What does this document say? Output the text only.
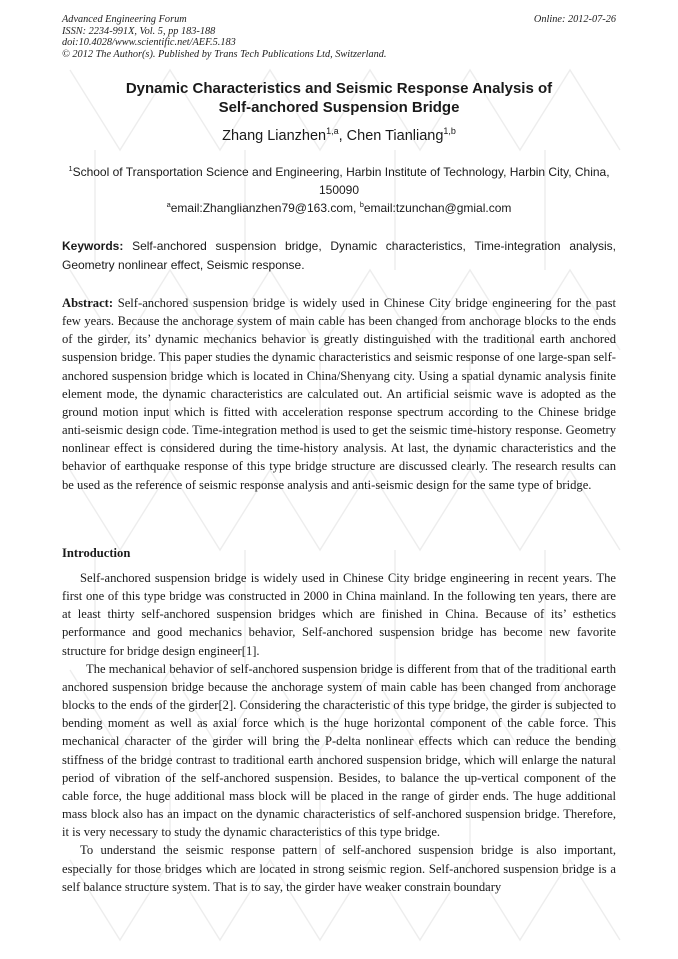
Advanced Engineering Forum
ISSN: 2234-991X, Vol. 5, pp 183-188
doi:10.4028/www.scientific.net/AEF.5.183
© 2012 The Author(s). Published by Trans Tech Publications Ltd, Switzerland.
Online: 2012-07-26
Dynamic Characteristics and Seismic Response Analysis of
Self-anchored Suspension Bridge
Zhang Lianzhen$^{1,a}$, Chen Tianliang$^{1,b}$
$^1$School of Transportation Science and Engineering, Harbin Institute of Technology, Harbin City, China, 150090
$^a$email:Zhanglianzhen79@163.com, $^b$email:tzunchan@gmial.com
Keywords: Self-anchored suspension bridge, Dynamic characteristics, Time-integration analysis, Geometry nonlinear effect, Seismic response.
Abstract: Self-anchored suspension bridge is widely used in Chinese City bridge engineering for the past few years. Because the anchorage system of main cable has been changed from anchorage blocks to the ends of the girder, its’ dynamic mechanics behavior is greatly distinguished with the traditional earth anchored suspension bridge. This paper studies the dynamic characteristics and seismic response of one large-span self-anchored suspension bridge which is located in China/Shenyang city. Using a spatial dynamic analysis finite element mode, the dynamic characteristics are calculated out. An artificial seismic wave is adopted as the ground motion input which is fitted with acceleration response spectrum according to the Chinese bridge anti-seismic design code. Time-integration method is used to get the seismic time-history response. Geometry nonlinear effect is considered during the time-history analysis. At last, the dynamic characteristics and the behavior of earthquake response of this type bridge structure are discussed clearly. The research results can be used as the reference of seismic response analysis and anti-seismic design for the same type of bridge.
Introduction

Self-anchored suspension bridge is widely used in Chinese City bridge engineering in recent years. The first one of this type bridge was constructed in 2000 in China mainland. In the following ten years, there are at least thirty self-anchored suspension bridges which are finished in China. Because of its’ esthetics performance and good mechanics behavior, Self-anchored suspension bridge has become new favorite structure for bridge design engineer[1].

The mechanical behavior of self-anchored suspension bridge is different from that of the traditional earth anchored suspension bridge because the anchorage system of main cable has been changed from anchorage blocks to the ends of the girder[2]. Considering the characteristic of this type bridge, the girder is subjected to bending moment as well as axial force which is the huge horizontal component of the cable force. This mechanical character of the girder will bring the P-delta nonlinear effects which can reduce the bending stiffness of the bridge contrast to traditional earth anchored suspension bridge, which will enlarge the natural period of vibration of the self-anchored suspension. Besides, to balance the up-vertical component of the cable force, the huge additional mass block will be placed in the range of girder ends. The huge additional mass block also has an impact on the dynamic characteristics of self-anchored suspension bridge. Therefore, it is very necessary to study the dynamic characteristics of this type bridge.

To understand the seismic response pattern of self-anchored suspension bridge is also important, especially for those bridges which are located in strong seismic region. Self-anchored suspension bridge is a self balance structure system. That is to say, the girder have weaker constrain boundary
